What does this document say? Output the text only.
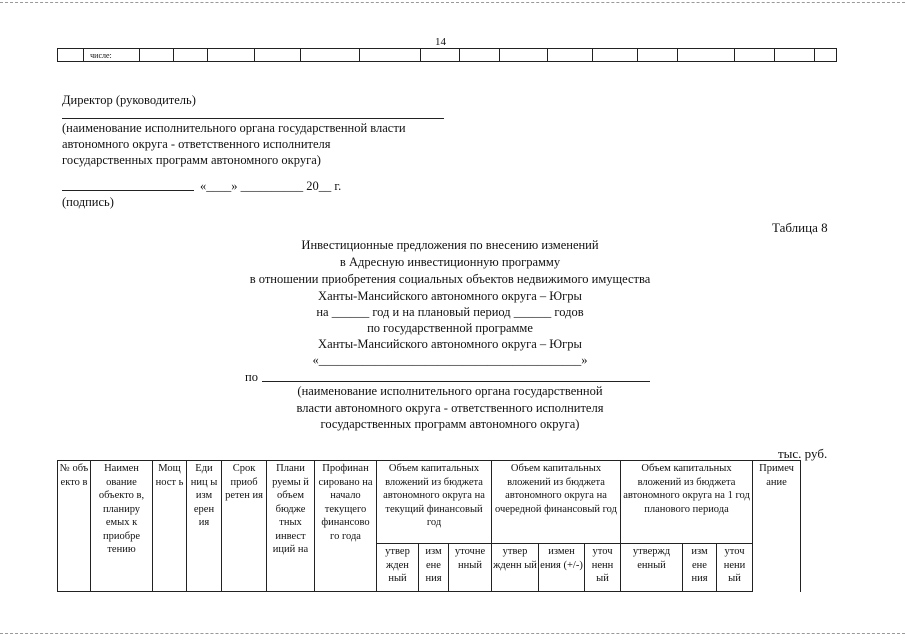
14
	числе:																
Директор (руководитель)
(наименование исполнительного органа государственной власти
автономного округа - ответственного исполнителя
государственных программ автономного округа)
«____» __________ 20__ г.
(подпись)
Таблица 8
Инвестиционные предложения по внесению изменений
в Адресную инвестиционную программу
в отношении приобретения социальных объектов недвижимого имущества
Ханты-Мансийского автономного округа – Югры
на ______ год и на плановый период ______ годов
по государственной программе
Ханты-Мансийского автономного округа – Югры
«__________________________________________»
по
(наименование исполнительного органа государственной
власти автономного округа - ответственного исполнителя
государственных программ автономного округа)
тыс. руб.
№ объ екто в	Наимен ование объекто в, планиру емых к приобре тению	Мощ ност ь	Еди ниц ы изм ерен ия	Срок приоб ретен ия	Плани руемы й объем бюдже тных инвест иций на	Профинан сировано на начало текущего финансово го года	Объем капитальных вложений из бюджета автономного округа на текущий финансовый год			Объем капитальных вложений из бюджета автономного округа на очередной финансовый год			Объем капитальных вложений из бюджета автономного округа на 1 год планового периода			Примеч ание
							утвер жден ный	изм ене ния	уточне нный	утвер жденн ый	измен ения (+/-)	уточ ненн ый	утвержд енный	изм ене ния	уточ нени ый	
